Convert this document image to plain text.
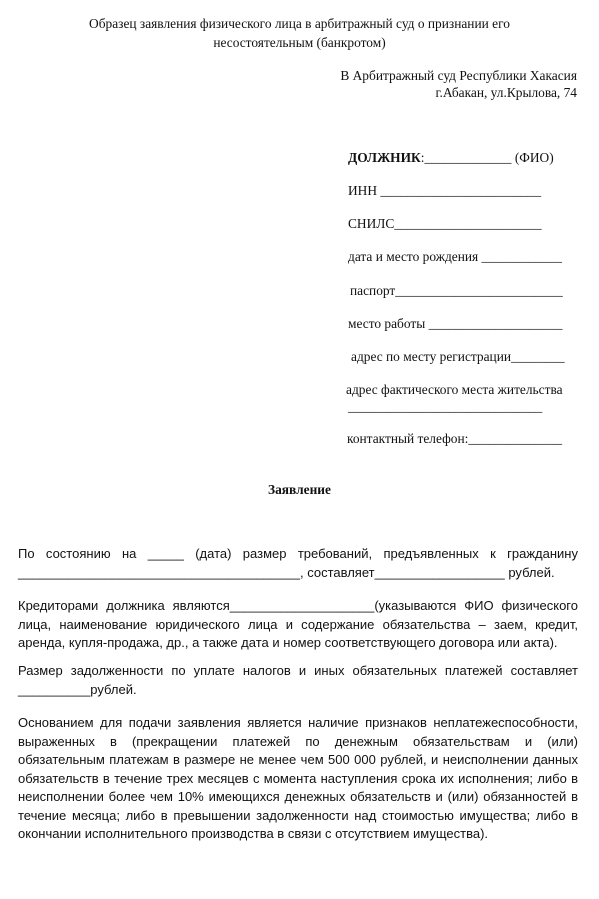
Образец заявления физического лица в арбитражный суд о признании его
несостоятельным (банкротом)
В Арбитражный суд Республики Хакасия
г.Абакан, ул.Крылова, 74
ДОЛЖНИК:_____________ (ФИО)
ИНН ________________________
СНИЛС______________________
дата и место рождения ____________
паспорт_________________________
место работы ____________________
адрес по месту регистрации________
адрес фактического места жительства
_____________________________
контактный телефон:______________
Заявление
По состоянию на _____ (дата) размер требований, предъявленных к гражданину
_______________________________________, составляет__________________ рублей.
Кредиторами должника являются____________________(указываются ФИО физического
лица, наименование юридического лица и содержание обязательства – заем, кредит,
аренда, купля-продажа, др., а также дата и номер соответствующего договора или акта).
Размер задолженности по уплате налогов и иных обязательных платежей составляет
__________рублей.
Основанием для подачи заявления является наличие признаков неплатежеспособности,
выраженных в (прекращении платежей по денежным обязательствам и (или)
обязательным платежам в размере не менее чем 500 000 рублей, и неисполнении данных
обязательств в течение трех месяцев с момента наступления срока их исполнения; либо в
неисполнении более чем 10% имеющихся денежных обязательств и (или) обязанностей в
течение месяца; либо в превышении задолженности над стоимостью имущества; либо в
окончании исполнительного производства в связи с отсутствием имущества).
